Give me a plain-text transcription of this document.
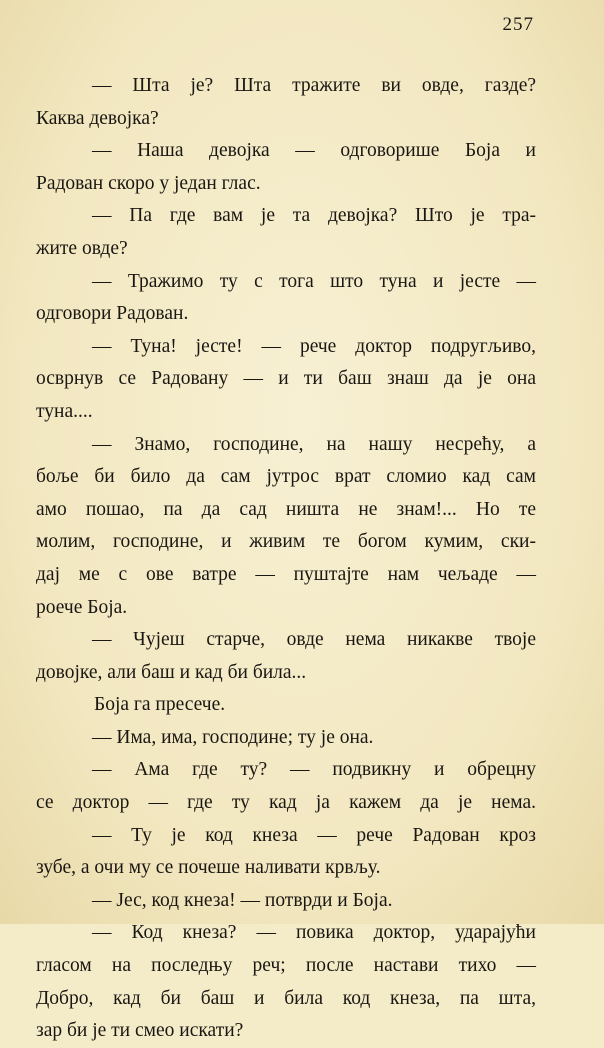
257
— Шта је? Шта тражите ви овде, газде?
Каква девојка?
— Наша девојка — одговорише Боја и
Радован скоро у један глас.
— Па где вам је та девојка? Што је тра-
жите овде?
— Тражимо ту с тога што туна и јесте —
одговори Радован.
— Туна! јесте! — рече доктор подругљиво,
осврнув се Радовану — и ти баш знаш да је она
туна....
— Знамо, господине, на нашу несрећу, а
боље би било да сам јутрос врат сломио кад сам
амо пошао, па да сад ништа не знам!... Но те
молим, господине, и живим те богом кумим, ски-
дај ме с ове ватре — пуштајте нам чељаде —
роече Боја.
— Чујеш старче, овде нема никакве твоје
довојке, али баш и кад би била...
Боја га пресече.
— Има, има, господине; ту је она.
— Ама где ту? — подвикну и обрецну
се доктор — где ту кад ја кажем да је нема.
— Ту је код кнеза — рече Радован кроз
зубе, а очи му се почеше наливати крвљу.
— Јес, код кнеза! — потврди и Боја.
— Код кнеза? — повика доктор, ударајући
гласом на последњу реч; после настави тихо —
Добро, кад би баш и била код кнеза, па шта,
зар би је ти смео искати?
